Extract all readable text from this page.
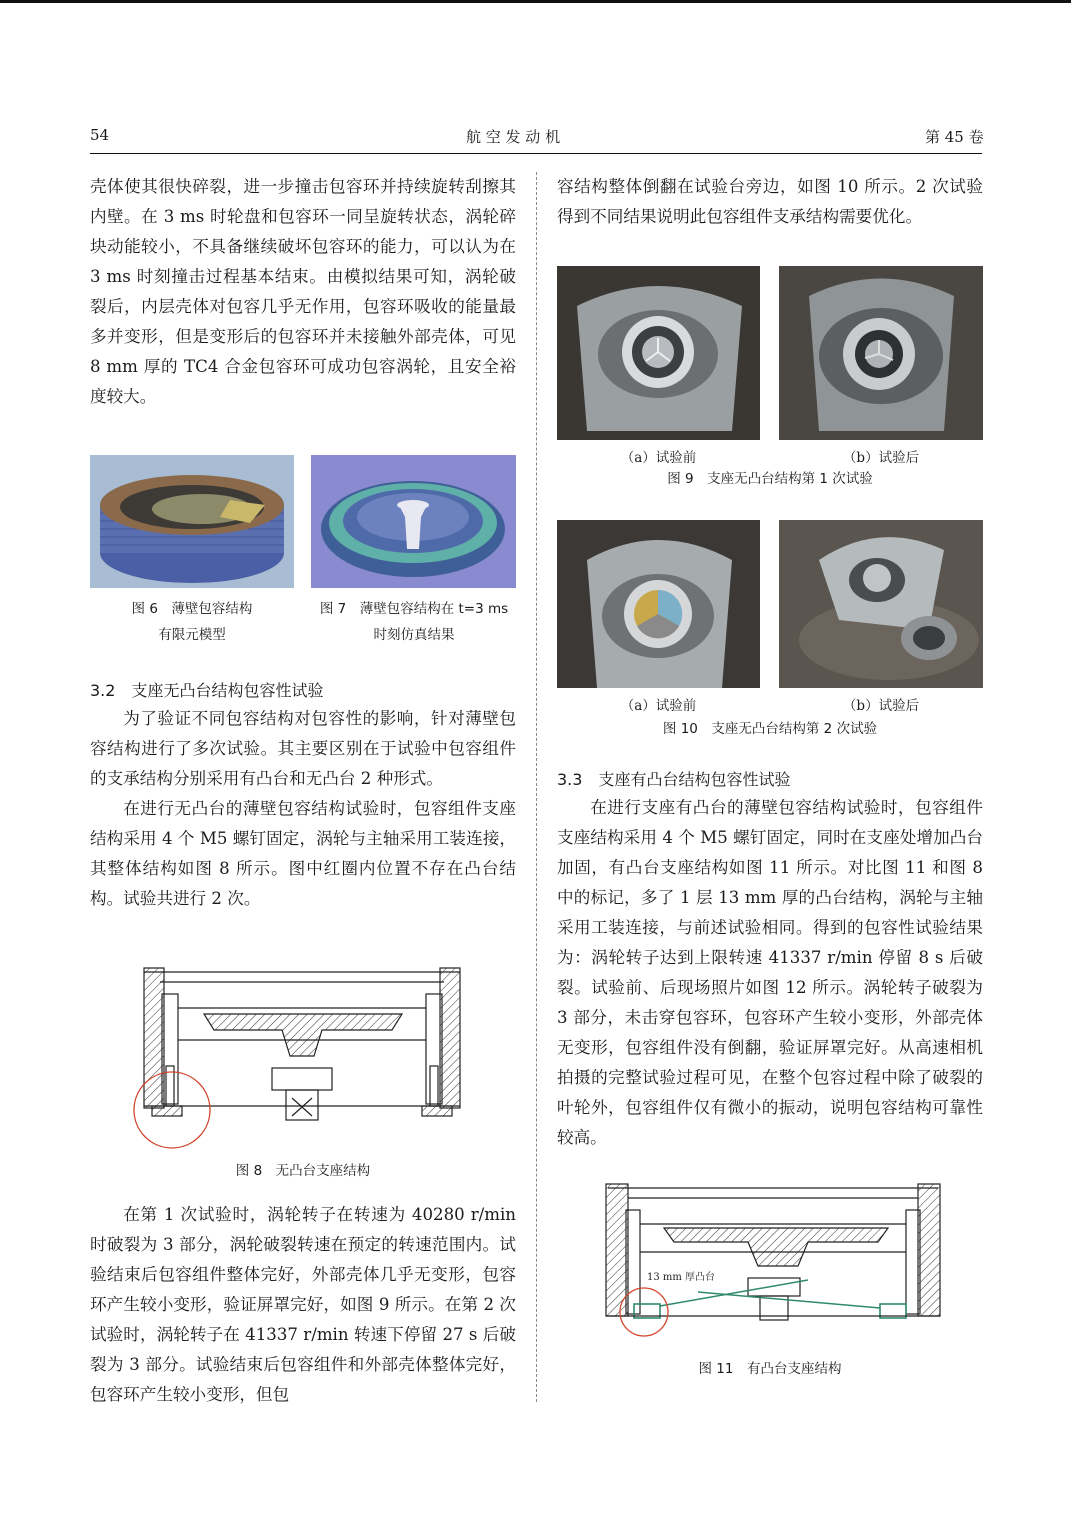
54	航 空 发 动 机	第 45 卷

壳体使其很快碎裂，进一步撞击包容环并持续旋转刮擦其内壁。在 3 ms 时轮盘和包容环一同呈旋转状态，涡轮碎块动能较小，不具备继续破坏包容环的能力，可以认为在 3 ms 时刻撞击过程基本结束。由模拟结果可知，涡轮破裂后，内层壳体对包容几乎无作用，包容环吸收的能量最多并变形，但是变形后的包容环并未接触外部壳体，可见 8 mm 厚的 TC4 合金包容环可成功包容涡轮，且安全裕度较大。

图 6　薄壁包容结构
有限元模型
图 7　薄壁包容结构在 t=3 ms
时刻仿真结果
3.2　支座无凸台结构包容性试验

为了验证不同包容结构对包容性的影响，针对薄壁包容结构进行了多次试验。其主要区别在于试验中包容组件的支承结构分别采用有凸台和无凸台 2 种形式。

在进行无凸台的薄壁包容结构试验时，包容组件支座结构采用 4 个 M5 螺钉固定，涡轮与主轴采用工装连接，其整体结构如图 8 所示。图中红圈内位置不存在凸台结构。试验共进行 2 次。

图 8　无凸台支座结构

在第 1 次试验时，涡轮转子在转速为 40280 r/min 时破裂为 3 部分，涡轮破裂转速在预定的转速范围内。试验结束后包容组件整体完好，外部壳体几乎无变形，包容环产生较小变形，验证屏罩完好，如图 9 所示。在第 2 次试验时，涡轮转子在 41337 r/min 转速下停留 27 s 后破裂为 3 部分。试验结束后包容组件和外部壳体整体完好，包容环产生较小变形，但包

容结构整体倒翻在试验台旁边，如图 10 所示。2 次试验得到不同结果说明此包容组件支承结构需要优化。

（a）试验前	（b）试验后
图 9　支座无凸台结构第 1 次试验
（a）试验前	（b）试验后
图 10　支座无凸台结构第 2 次试验
3.3　支座有凸台结构包容性试验

在进行支座有凸台的薄壁包容结构试验时，包容组件支座结构采用 4 个 M5 螺钉固定，同时在支座处增加凸台加固，有凸台支座结构如图 11 所示。对比图 11 和图 8 中的标记，多了 1 层 13 mm 厚的凸台结构，涡轮与主轴采用工装连接，与前述试验相同。得到的包容性试验结果为：涡轮转子达到上限转速 41337 r/min 停留 8 s 后破裂。试验前、后现场照片如图 12 所示。涡轮转子破裂为 3 部分，未击穿包容环，包容环产生较小变形，外部壳体无变形，包容组件没有倒翻，验证屏罩完好。从高速相机拍摄的完整试验过程可见，在整个包容过程中除了破裂的叶轮外，包容组件仅有微小的振动，说明包容结构可靠性较高。

13 mm 厚凸台
图 11　有凸台支座结构
